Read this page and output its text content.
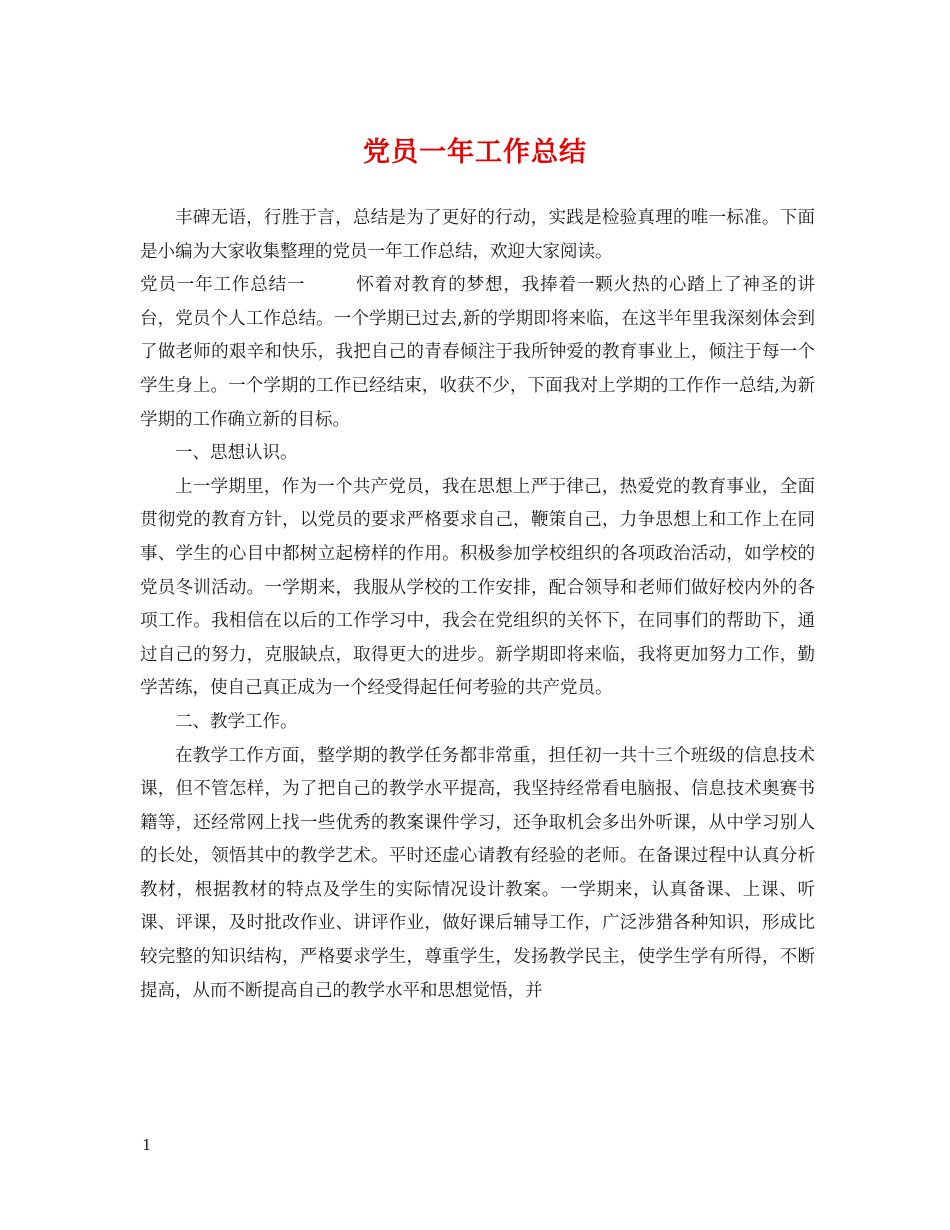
党员一年工作总结

丰碑无语，行胜于言，总结是为了更好的行动，实践是检验真理的唯一标准。下面是小编为大家收集整理的党员一年工作总结，欢迎大家阅读。

党员一年工作总结一	怀着对教育的梦想，我捧着一颗火热的心踏上了神圣的讲台，党员个人工作总结。一个学期已过去,新的学期即将来临，在这半年里我深刻体会到了做老师的艰辛和快乐，我把自己的青春倾注于我所钟爱的教育事业上，倾注于每一个学生身上。一个学期的工作已经结束，收获不少，下面我对上学期的工作作一总结,为新学期的工作确立新的目标。

一、思想认识。

上一学期里，作为一个共产党员，我在思想上严于律己，热爱党的教育事业，全面贯彻党的教育方针，以党员的要求严格要求自己，鞭策自己，力争思想上和工作上在同事、学生的心目中都树立起榜样的作用。积极参加学校组织的各项政治活动，如学校的党员冬训活动。一学期来，我服从学校的工作安排，配合领导和老师们做好校内外的各项工作。我相信在以后的工作学习中，我会在党组织的关怀下，在同事们的帮助下，通过自己的努力，克服缺点，取得更大的进步。新学期即将来临，我将更加努力工作，勤学苦练，使自己真正成为一个经受得起任何考验的共产党员。

二、教学工作。

在教学工作方面，整学期的教学任务都非常重，担任初一共十三个班级的信息技术课，但不管怎样，为了把自己的教学水平提高，我坚持经常看电脑报、信息技术奥赛书籍等，还经常网上找一些优秀的教案课件学习，还争取机会多出外听课，从中学习别人的长处，领悟其中的教学艺术。平时还虚心请教有经验的老师。在备课过程中认真分析教材，根据教材的特点及学生的实际情况设计教案。一学期来，认真备课、上课、听课、评课，及时批改作业、讲评作业，做好课后辅导工作，广泛涉猎各种知识，形成比较完整的知识结构，严格要求学生，尊重学生，发扬教学民主，使学生学有所得，不断提高，从而不断提高自己的教学水平和思想觉悟，并

1
